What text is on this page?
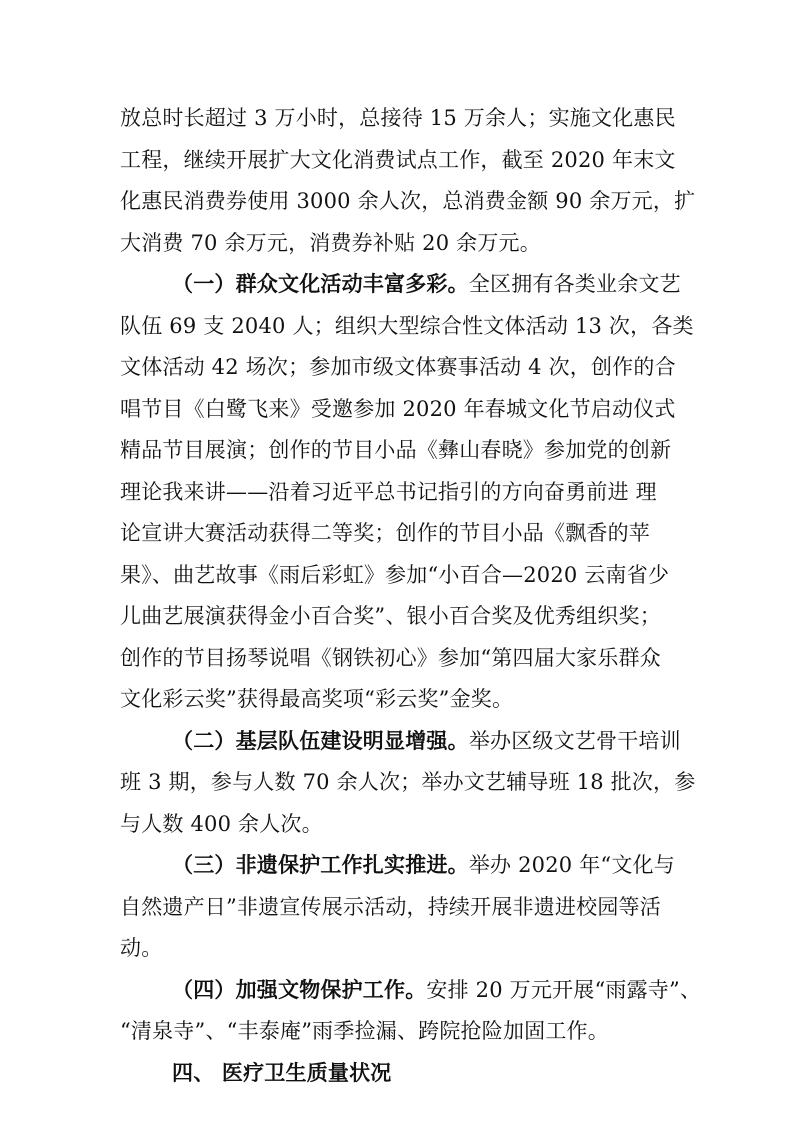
放总时长超过 3 万小时，总接待 15 万余人；实施文化惠民
工程，继续开展扩大文化消费试点工作，截至 2020 年末文
化惠民消费券使用 3000 余人次，总消费金额 90 余万元，扩
大消费 70 余万元，消费券补贴 20 余万元。
（一）群众文化活动丰富多彩。全区拥有各类业余文艺
队伍 69 支 2040 人；组织大型综合性文体活动 13 次，各类
文体活动 42 场次；参加市级文体赛事活动 4 次，创作的合
唱节目《白鹭飞来》受邀参加 2020 年春城文化节启动仪式
精品节目展演；创作的节目小品《彝山春晓》参加党的创新
理论我来讲——沿着习近平总书记指引的方向奋勇前进 理
论宣讲大赛活动获得二等奖；创作的节目小品《飘香的苹
果》、曲艺故事《雨后彩虹》参加“小百合—2020 云南省少
儿曲艺展演获得金小百合奖”、银小百合奖及优秀组织奖；
创作的节目扬琴说唱《钢铁初心》参加“第四届大家乐群众
文化彩云奖”获得最高奖项“彩云奖”金奖。
（二）基层队伍建设明显增强。举办区级文艺骨干培训
班 3 期，参与人数 70 余人次；举办文艺辅导班 18 批次，参
与人数 400 余人次。
（三）非遗保护工作扎实推进。举办 2020 年“文化与
自然遗产日”非遗宣传展示活动，持续开展非遗进校园等活
动。
（四）加强文物保护工作。安排 20 万元开展“雨露寺”、
“清泉寺”、“丰泰庵”雨季捡漏、跨院抢险加固工作。
四、 医疗卫生质量状况
